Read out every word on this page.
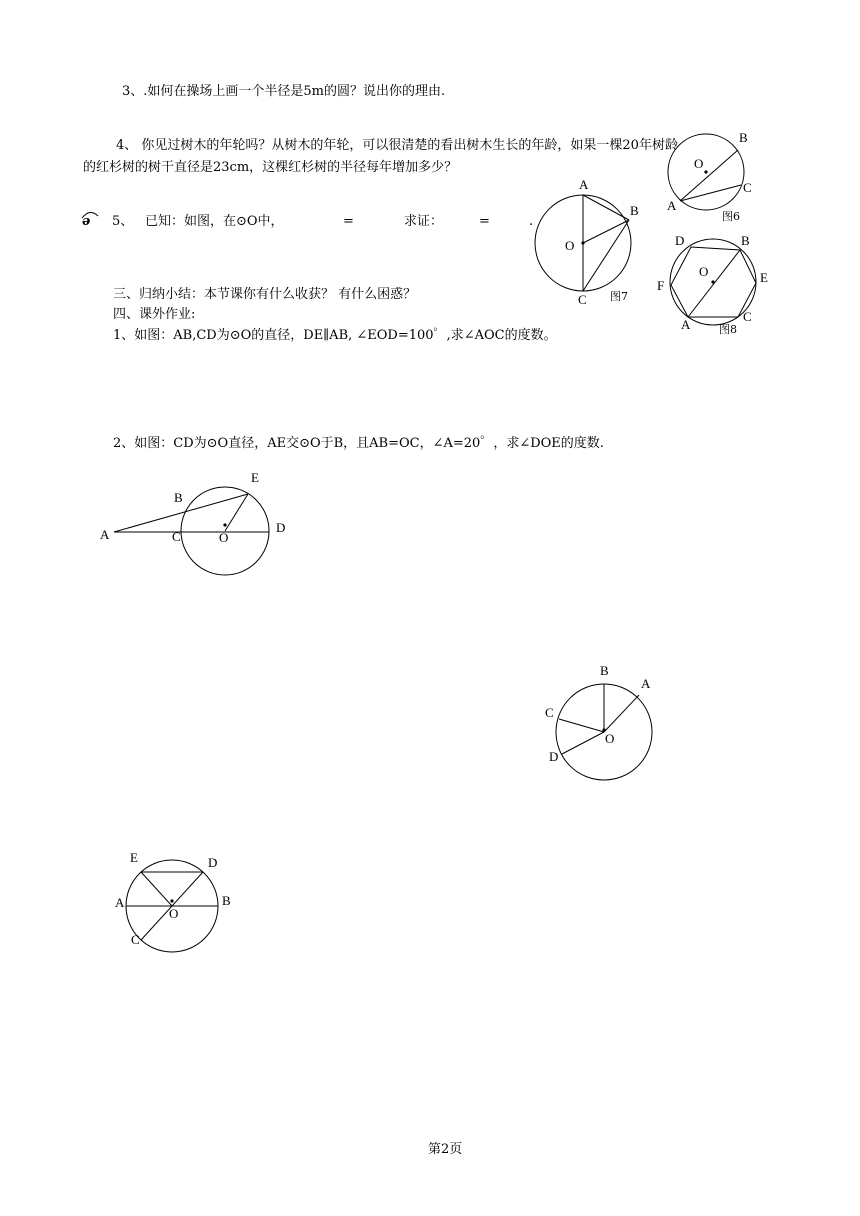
3、.如何在操场上画一个半径是5m的圆？说出你的理由.
4、 你见过树木的年轮吗？从树木的年轮，可以很清楚的看出树木生长的年龄，如果一棵20年树龄
的红杉树的树干直径是23cm，这棵红杉树的半径每年增加多少？
ə 5、 已知：如图，在⊙O中，	=	求证：	=	.
三、归纳小结：本节课你有什么收获？ 有什么困惑？
四、课外作业:
1、如图：AB,CD为⊙O的直径，DE∥AB, ∠EOD=100゜,求∠AOC的度数。
2、如图：CD为⊙O直径，AE交⊙O于B，且AB=OC，∠A=20゜，求∠DOE的度数.
B
O
C
A
图6
A
B
O
C 图7
D	B
O	E
F
C
A	图8
E
B
D
A	C	O
B
A
C
O
D
E	D
A	B
O
C
第2页
